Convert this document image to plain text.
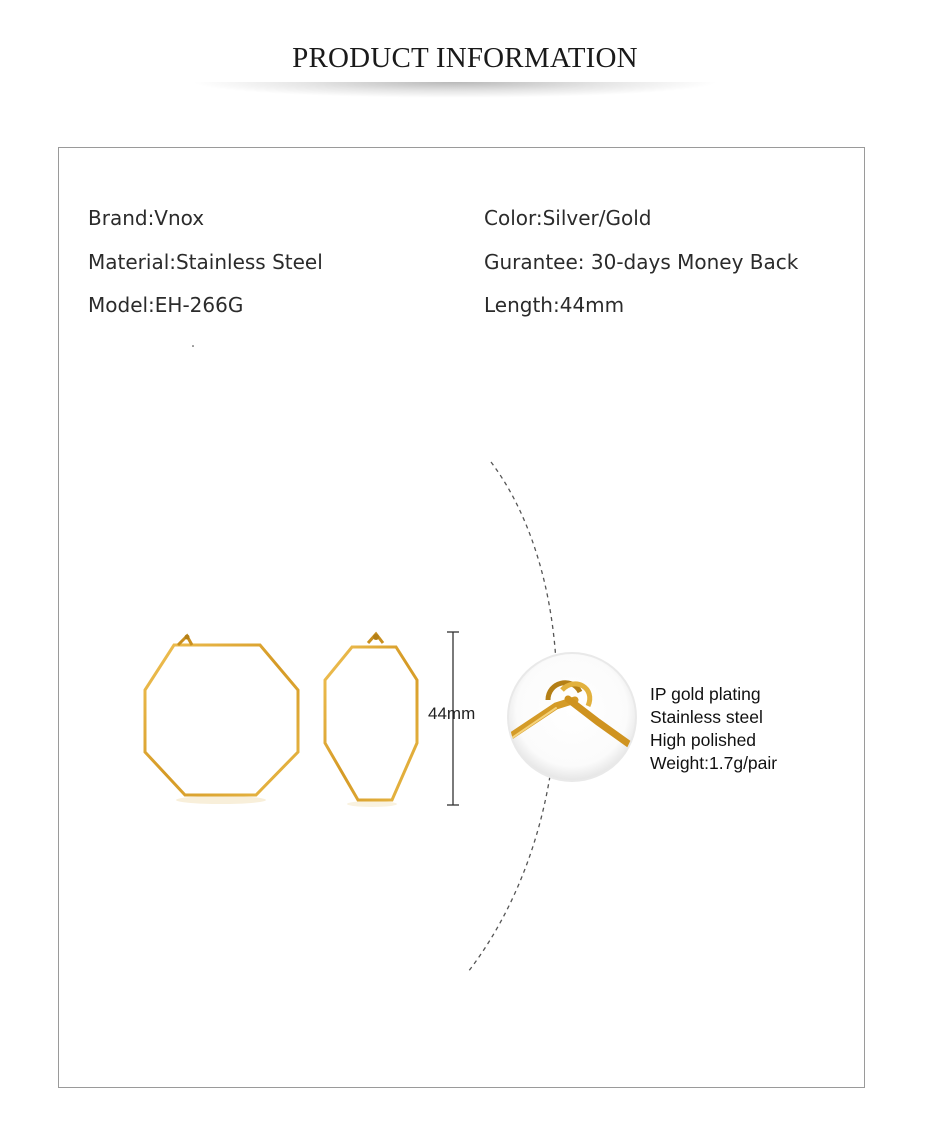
PRODUCT INFORMATION
Brand:Vnox
Material:Stainless Steel
Model:EH-266G
Color:Silver/Gold
Gurantee: 30-days Money Back
Length:44mm
44mm
IP gold plating
Stainless steel
High polished
Weight:1.7g/pair
